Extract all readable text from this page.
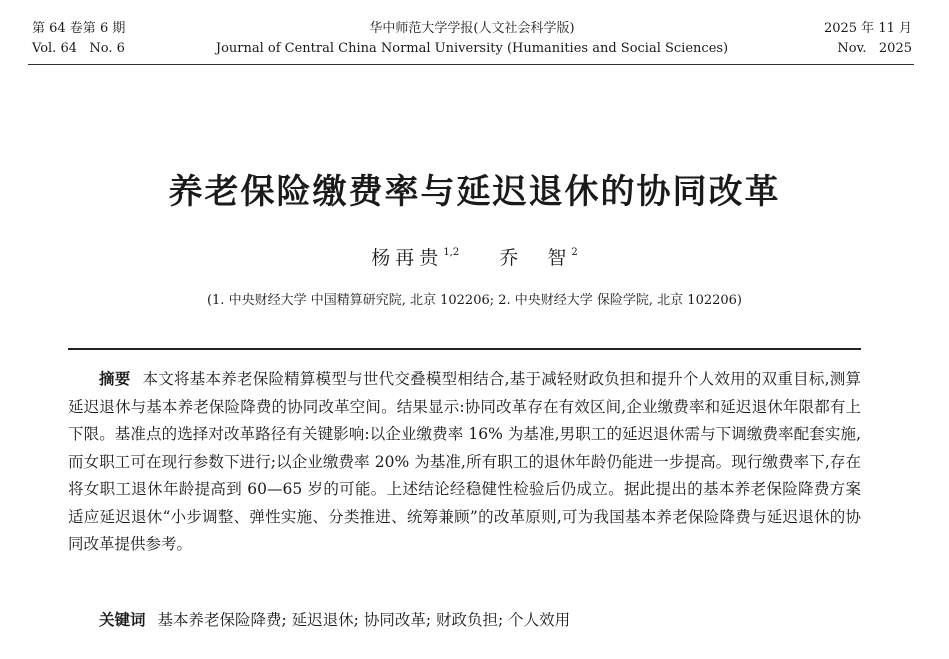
第 64 卷第 6 期	华中师范大学学报(人文社会科学版)	2025 年 11 月
Vol. 64   No. 6	Journal of Central China Normal University (Humanities and Social Sciences)	Nov.   2025
养老保险缴费率与延迟退休的协同改革
杨再贵$^{1,2}$ 乔　智$^2$
(1. 中央财经大学 中国精算研究院, 北京 102206; 2. 中央财经大学 保险学院, 北京 102206)
摘要 本文将基本养老保险精算模型与世代交叠模型相结合,基于减轻财政负担和提升个人效用的双重目标,测算延迟退休与基本养老保险降费的协同改革空间。结果显示:协同改革存在有效区间,企业缴费率和延迟退休年限都有上下限。基准点的选择对改革路径有关键影响:以企业缴费率 16% 为基准,男职工的延迟退休需与下调缴费率配套实施,而女职工可在现行参数下进行;以企业缴费率 20% 为基准,所有职工的退休年龄仍能进一步提高。现行缴费率下,存在将女职工退休年龄提高到 60—65 岁的可能。上述结论经稳健性检验后仍成立。据此提出的基本养老保险降费方案适应延迟退休“小步调整、弹性实施、分类推进、统筹兼顾”的改革原则,可为我国基本养老保险降费与延迟退休的协同改革提供参考。
关键词 基本养老保险降费; 延迟退休; 协同改革; 财政负担; 个人效用
